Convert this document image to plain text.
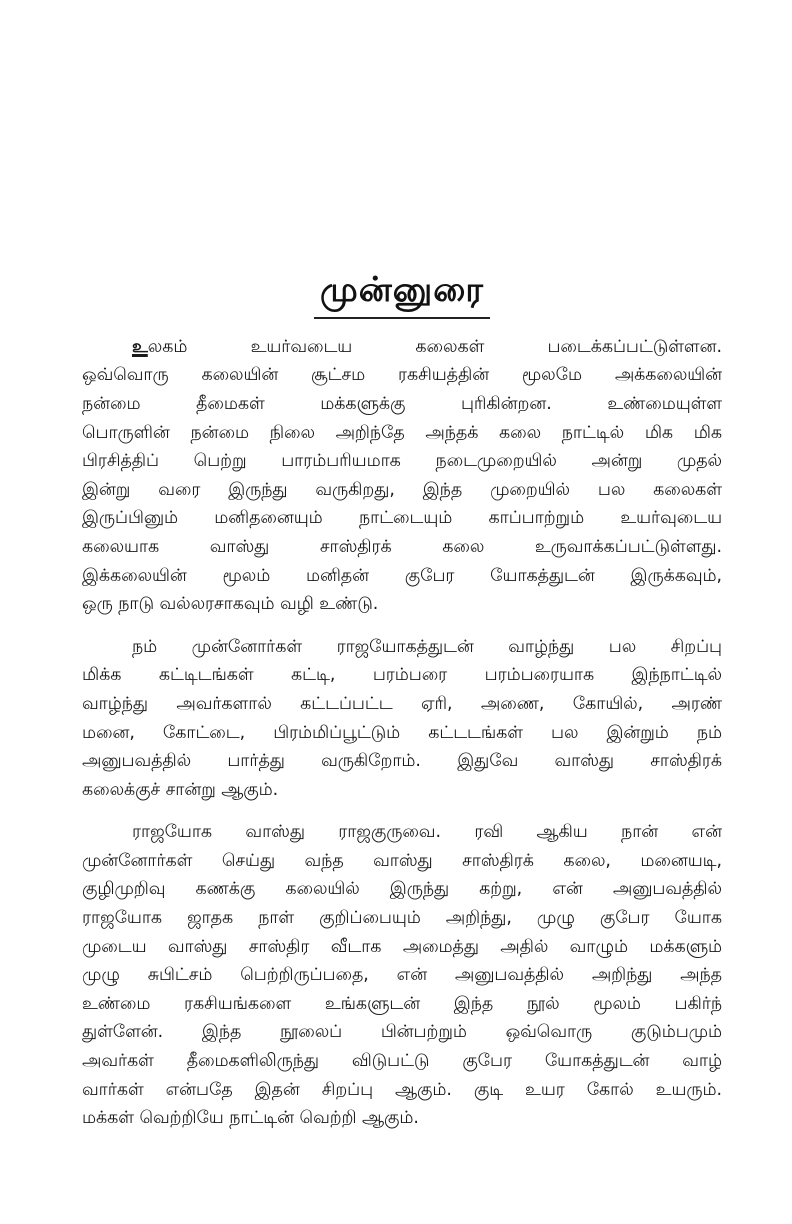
முன்னுரை
உலகம் உயர்வடைய கலைகள் படைக்கப்பட்டுள்ளன.
ஒவ்வொரு கலையின் சூட்சம ரகசியத்தின் மூலமே அக்கலையின்
நன்மை தீமைகள் மக்களுக்கு புரிகின்றன. உண்மையுள்ள
பொருளின் நன்மை நிலை அறிந்தே அந்தக் கலை நாட்டில் மிக மிக
பிரசித்திப் பெற்று பாரம்பரியமாக நடைமுறையில் அன்று முதல்
இன்று வரை இருந்து வருகிறது, இந்த முறையில் பல கலைகள்
இருப்பினும் மனிதனையும் நாட்டையும் காப்பாற்றும் உயர்வுடைய
கலையாக வாஸ்து சாஸ்திரக் கலை உருவாக்கப்பட்டுள்ளது.
இக்கலையின் மூலம் மனிதன் குபேர யோகத்துடன் இருக்கவும்,
ஒரு நாடு வல்லரசாகவும் வழி உண்டு.
நம் முன்னோர்கள் ராஜயோகத்துடன் வாழ்ந்து பல சிறப்பு
மிக்க கட்டிடங்கள் கட்டி, பரம்பரை பரம்பரையாக இந்நாட்டில்
வாழ்ந்து அவர்களால் கட்டப்பட்ட ஏரி, அணை, கோயில், அரண்
மனை, கோட்டை, பிரம்மிப்பூட்டும் கட்டடங்கள் பல இன்றும் நம்
அனுபவத்தில் பார்த்து வருகிறோம். இதுவே வாஸ்து சாஸ்திரக்
கலைக்குச் சான்று ஆகும்.
ராஜயோக வாஸ்து ராஜகுருவை. ரவி ஆகிய நான் என்
முன்னோர்கள் செய்து வந்த வாஸ்து சாஸ்திரக் கலை, மனையடி,
குழிமுறிவு கணக்கு கலையில் இருந்து கற்று, என் அனுபவத்தில்
ராஜயோக ஜாதக நாள் குறிப்பையும் அறிந்து, முழு குபேர யோக
முடைய வாஸ்து சாஸ்திர வீடாக அமைத்து அதில் வாழும் மக்களும்
முழு சுபிட்சம் பெற்றிருப்பதை, என் அனுபவத்தில் அறிந்து அந்த
உண்மை ரகசியங்களை உங்களுடன் இந்த நூல் மூலம் பகிர்ந்
துள்ளேன். இந்த நூலைப் பின்பற்றும் ஒவ்வொரு குடும்பமும்
அவர்கள் தீமைகளிலிருந்து விடுபட்டு குபேர யோகத்துடன் வாழ்
வார்கள் என்பதே இதன் சிறப்பு ஆகும். குடி உயர கோல் உயரும்.
மக்கள் வெற்றியே நாட்டின் வெற்றி ஆகும்.
